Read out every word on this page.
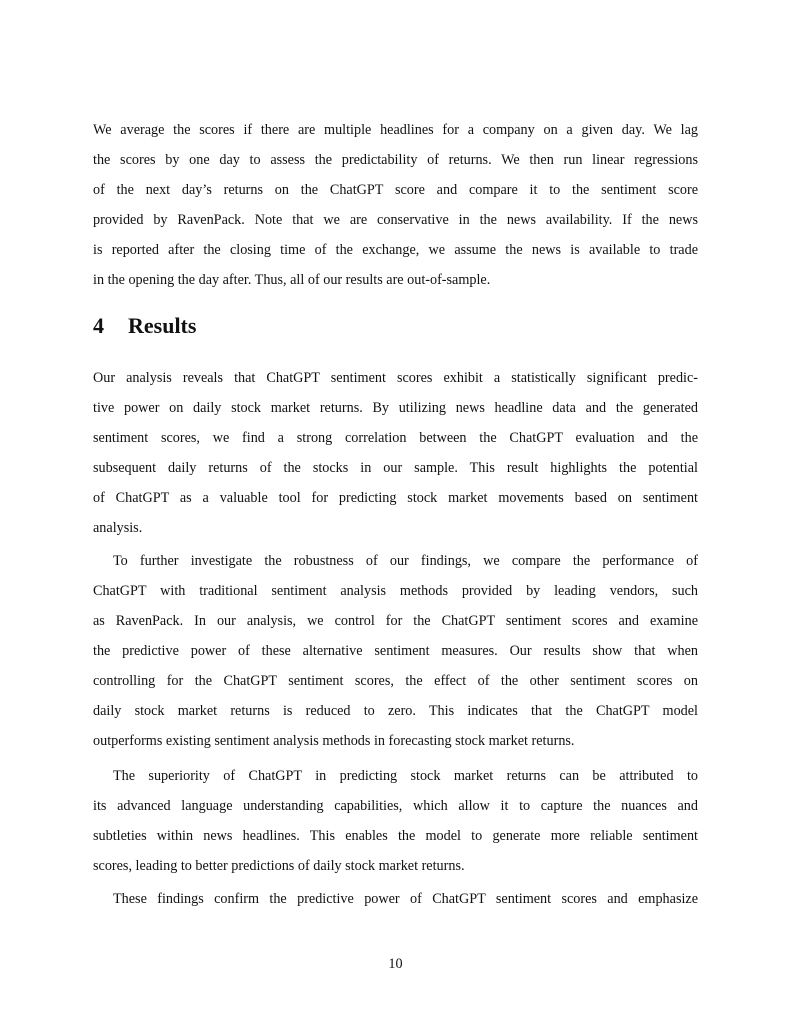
We average the scores if there are multiple headlines for a company on a given day. We lag
the scores by one day to assess the predictability of returns. We then run linear regressions
of the next day’s returns on the ChatGPT score and compare it to the sentiment score
provided by RavenPack. Note that we are conservative in the news availability. If the news
is reported after the closing time of the exchange, we assume the news is available to trade
in the opening the day after. Thus, all of our results are out-of-sample.
4 Results
Our analysis reveals that ChatGPT sentiment scores exhibit a statistically significant predic-
tive power on daily stock market returns. By utilizing news headline data and the generated
sentiment scores, we find a strong correlation between the ChatGPT evaluation and the
subsequent daily returns of the stocks in our sample. This result highlights the potential
of ChatGPT as a valuable tool for predicting stock market movements based on sentiment
analysis.
To further investigate the robustness of our findings, we compare the performance of
ChatGPT with traditional sentiment analysis methods provided by leading vendors, such
as RavenPack. In our analysis, we control for the ChatGPT sentiment scores and examine
the predictive power of these alternative sentiment measures. Our results show that when
controlling for the ChatGPT sentiment scores, the effect of the other sentiment scores on
daily stock market returns is reduced to zero. This indicates that the ChatGPT model
outperforms existing sentiment analysis methods in forecasting stock market returns.
The superiority of ChatGPT in predicting stock market returns can be attributed to
its advanced language understanding capabilities, which allow it to capture the nuances and
subtleties within news headlines. This enables the model to generate more reliable sentiment
scores, leading to better predictions of daily stock market returns.
These findings confirm the predictive power of ChatGPT sentiment scores and emphasize
10
